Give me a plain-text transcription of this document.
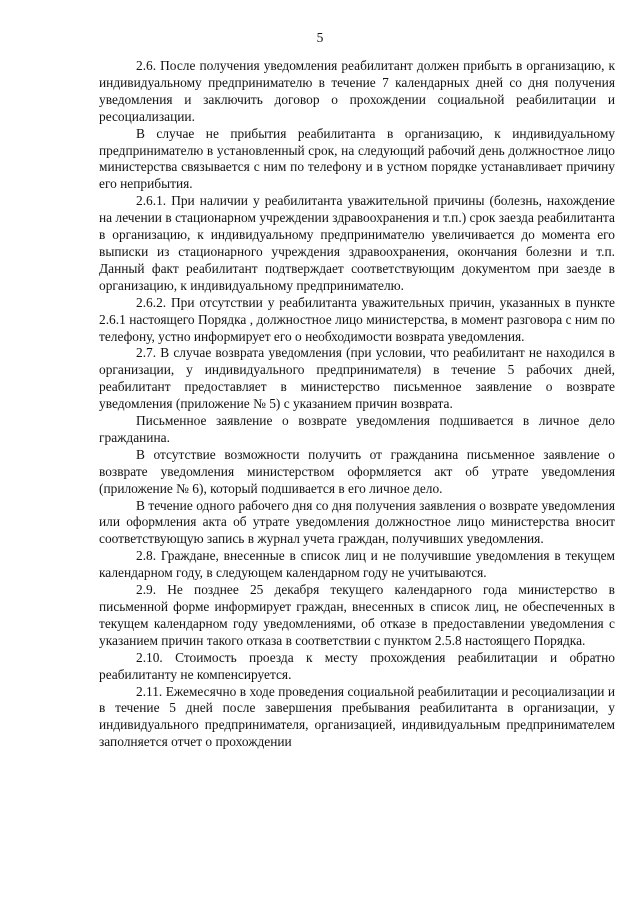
5

2.6. После получения уведомления реабилитант должен прибыть в организацию, к индивидуальному предпринимателю в течение 7 календарных дней со дня получения уведомления и заключить договор о прохождении социальной реабилитации и ресоциализации.

В случае не прибытия реабилитанта в организацию, к индивидуальному предпринимателю в установленный срок, на следующий рабочий день должностное лицо министерства связывается с ним по телефону и в устном порядке устанавливает причину его неприбытия.

2.6.1. При наличии у реабилитанта уважительной причины (болезнь, нахождение на лечении в стационарном учреждении здравоохранения и т.п.) срок заезда реабилитанта в организацию, к индивидуальному предпринимателю увеличивается до момента его выписки из стационарного учреждения здравоохранения, окончания болезни и т.п. Данный факт реабилитант подтверждает соответствующим документом при заезде в организацию, к индивидуальному предпринимателю.

2.6.2. При отсутствии у реабилитанта уважительных причин, указанных в пункте 2.6.1 настоящего Порядка , должностное лицо министерства, в момент разговора с ним по телефону, устно информирует его о необходимости возврата уведомления.

2.7. В случае возврата уведомления (при условии, что реабилитант не находился в организации, у индивидуального предпринимателя) в течение 5 рабочих дней, реабилитант предоставляет в министерство письменное заявление о возврате уведомления (приложение № 5) с указанием причин возврата.

Письменное заявление о возврате уведомления подшивается в личное дело гражданина.

В отсутствие возможности получить от гражданина письменное заявление о возврате уведомления министерством оформляется акт об утрате уведомления (приложение № 6), который подшивается в его личное дело.

В течение одного рабочего дня со дня получения заявления о возврате уведомления или оформления акта об утрате уведомления должностное лицо министерства вносит соответствующую запись в журнал учета граждан, получивших уведомления.

2.8. Граждане, внесенные в список лиц и не получившие уведомления в текущем календарном году, в следующем календарном году не учитываются.

2.9. Не позднее 25 декабря текущего календарного года министерство в письменной форме информирует граждан, внесенных в список лиц, не обеспеченных в текущем календарном году уведомлениями, об отказе в предоставлении уведомления с указанием причин такого отказа в соответствии с пунктом 2.5.8 настоящего Порядка.

2.10. Стоимость проезда к месту прохождения реабилитации и обратно реабилитанту не компенсируется.

2.11. Ежемесячно в ходе проведения социальной реабилитации и ресоциализации и в течение 5 дней после завершения пребывания реабилитанта в организации, у индивидуального предпринимателя, организацией, индивидуальным предпринимателем заполняется отчет о прохождении
